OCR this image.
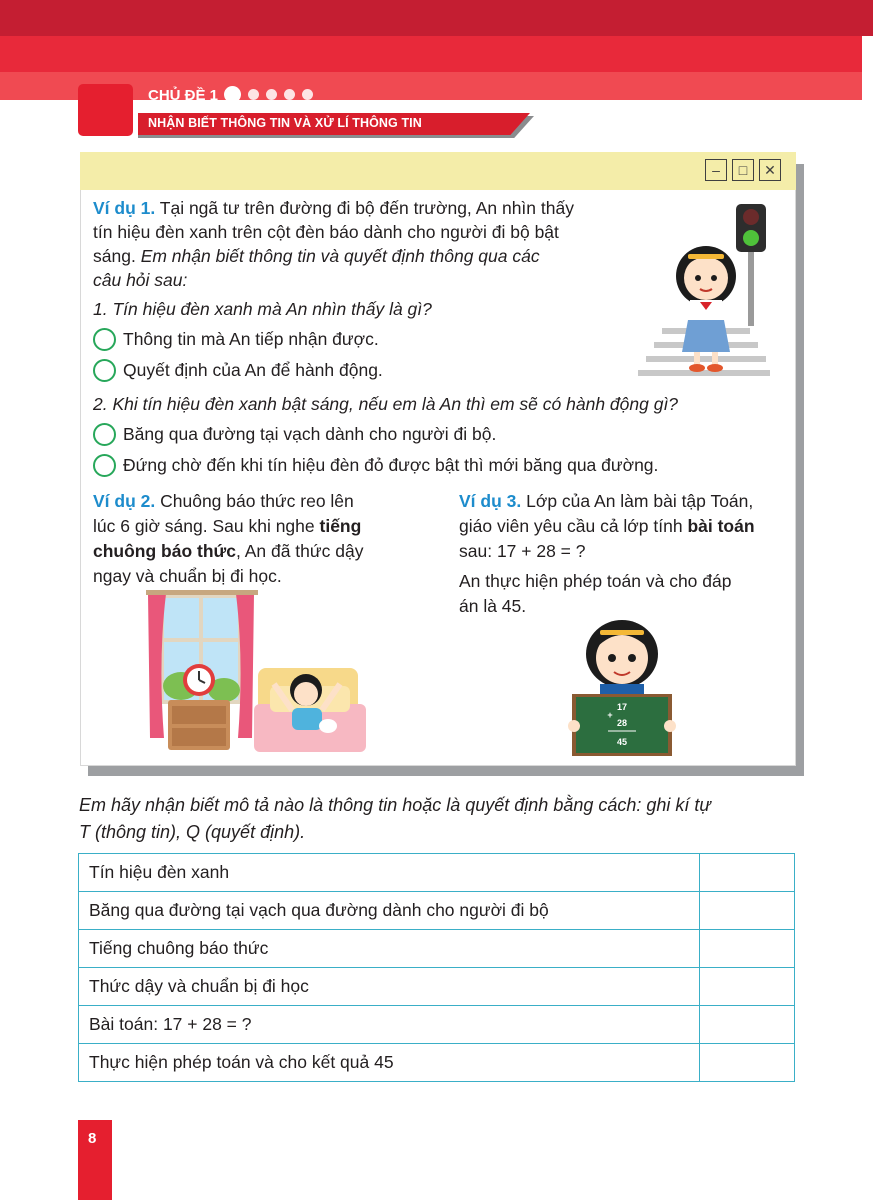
CHỦ ĐỀ 1
NHẬN BIẾT THÔNG TIN VÀ XỬ LÍ THÔNG TIN
–	□	✕
Ví dụ 1. Tại ngã tư trên đường đi bộ đến trường, An nhìn thấy
tín hiệu đèn xanh trên cột đèn báo dành cho người đi bộ bật
sáng. Em nhận biết thông tin và quyết định thông qua các
câu hỏi sau:
1. Tín hiệu đèn xanh mà An nhìn thấy là gì?
Thông tin mà An tiếp nhận được.
Quyết định của An để hành động.
2. Khi tín hiệu đèn xanh bật sáng, nếu em là An thì em sẽ có hành động gì?
Băng qua đường tại vạch dành cho người đi bộ.
Đứng chờ đến khi tín hiệu đèn đỏ được bật thì mới băng qua đường.
Ví dụ 2. Chuông báo thức reo lên
lúc 6 giờ sáng. Sau khi nghe tiếng
chuông báo thức, An đã thức dậy
ngay và chuẩn bị đi học.
Ví dụ 3. Lớp của An làm bài tập Toán,
giáo viên yêu cầu cả lớp tính bài toán
sau: 17 + 28 = ?
An thực hiện phép toán và cho đáp
án là 45.
17
+
28
45
Em hãy nhận biết mô tả nào là thông tin hoặc là quyết định bằng cách: ghi kí tự
T (thông tin), Q (quyết định).
Tín hiệu đèn xanh	
Băng qua đường tại vạch qua đường dành cho người đi bộ	
Tiếng chuông báo thức	
Thức dậy và chuẩn bị đi học	
Bài toán: 17 + 28 = ?	
Thực hiện phép toán và cho kết quả 45	
8
